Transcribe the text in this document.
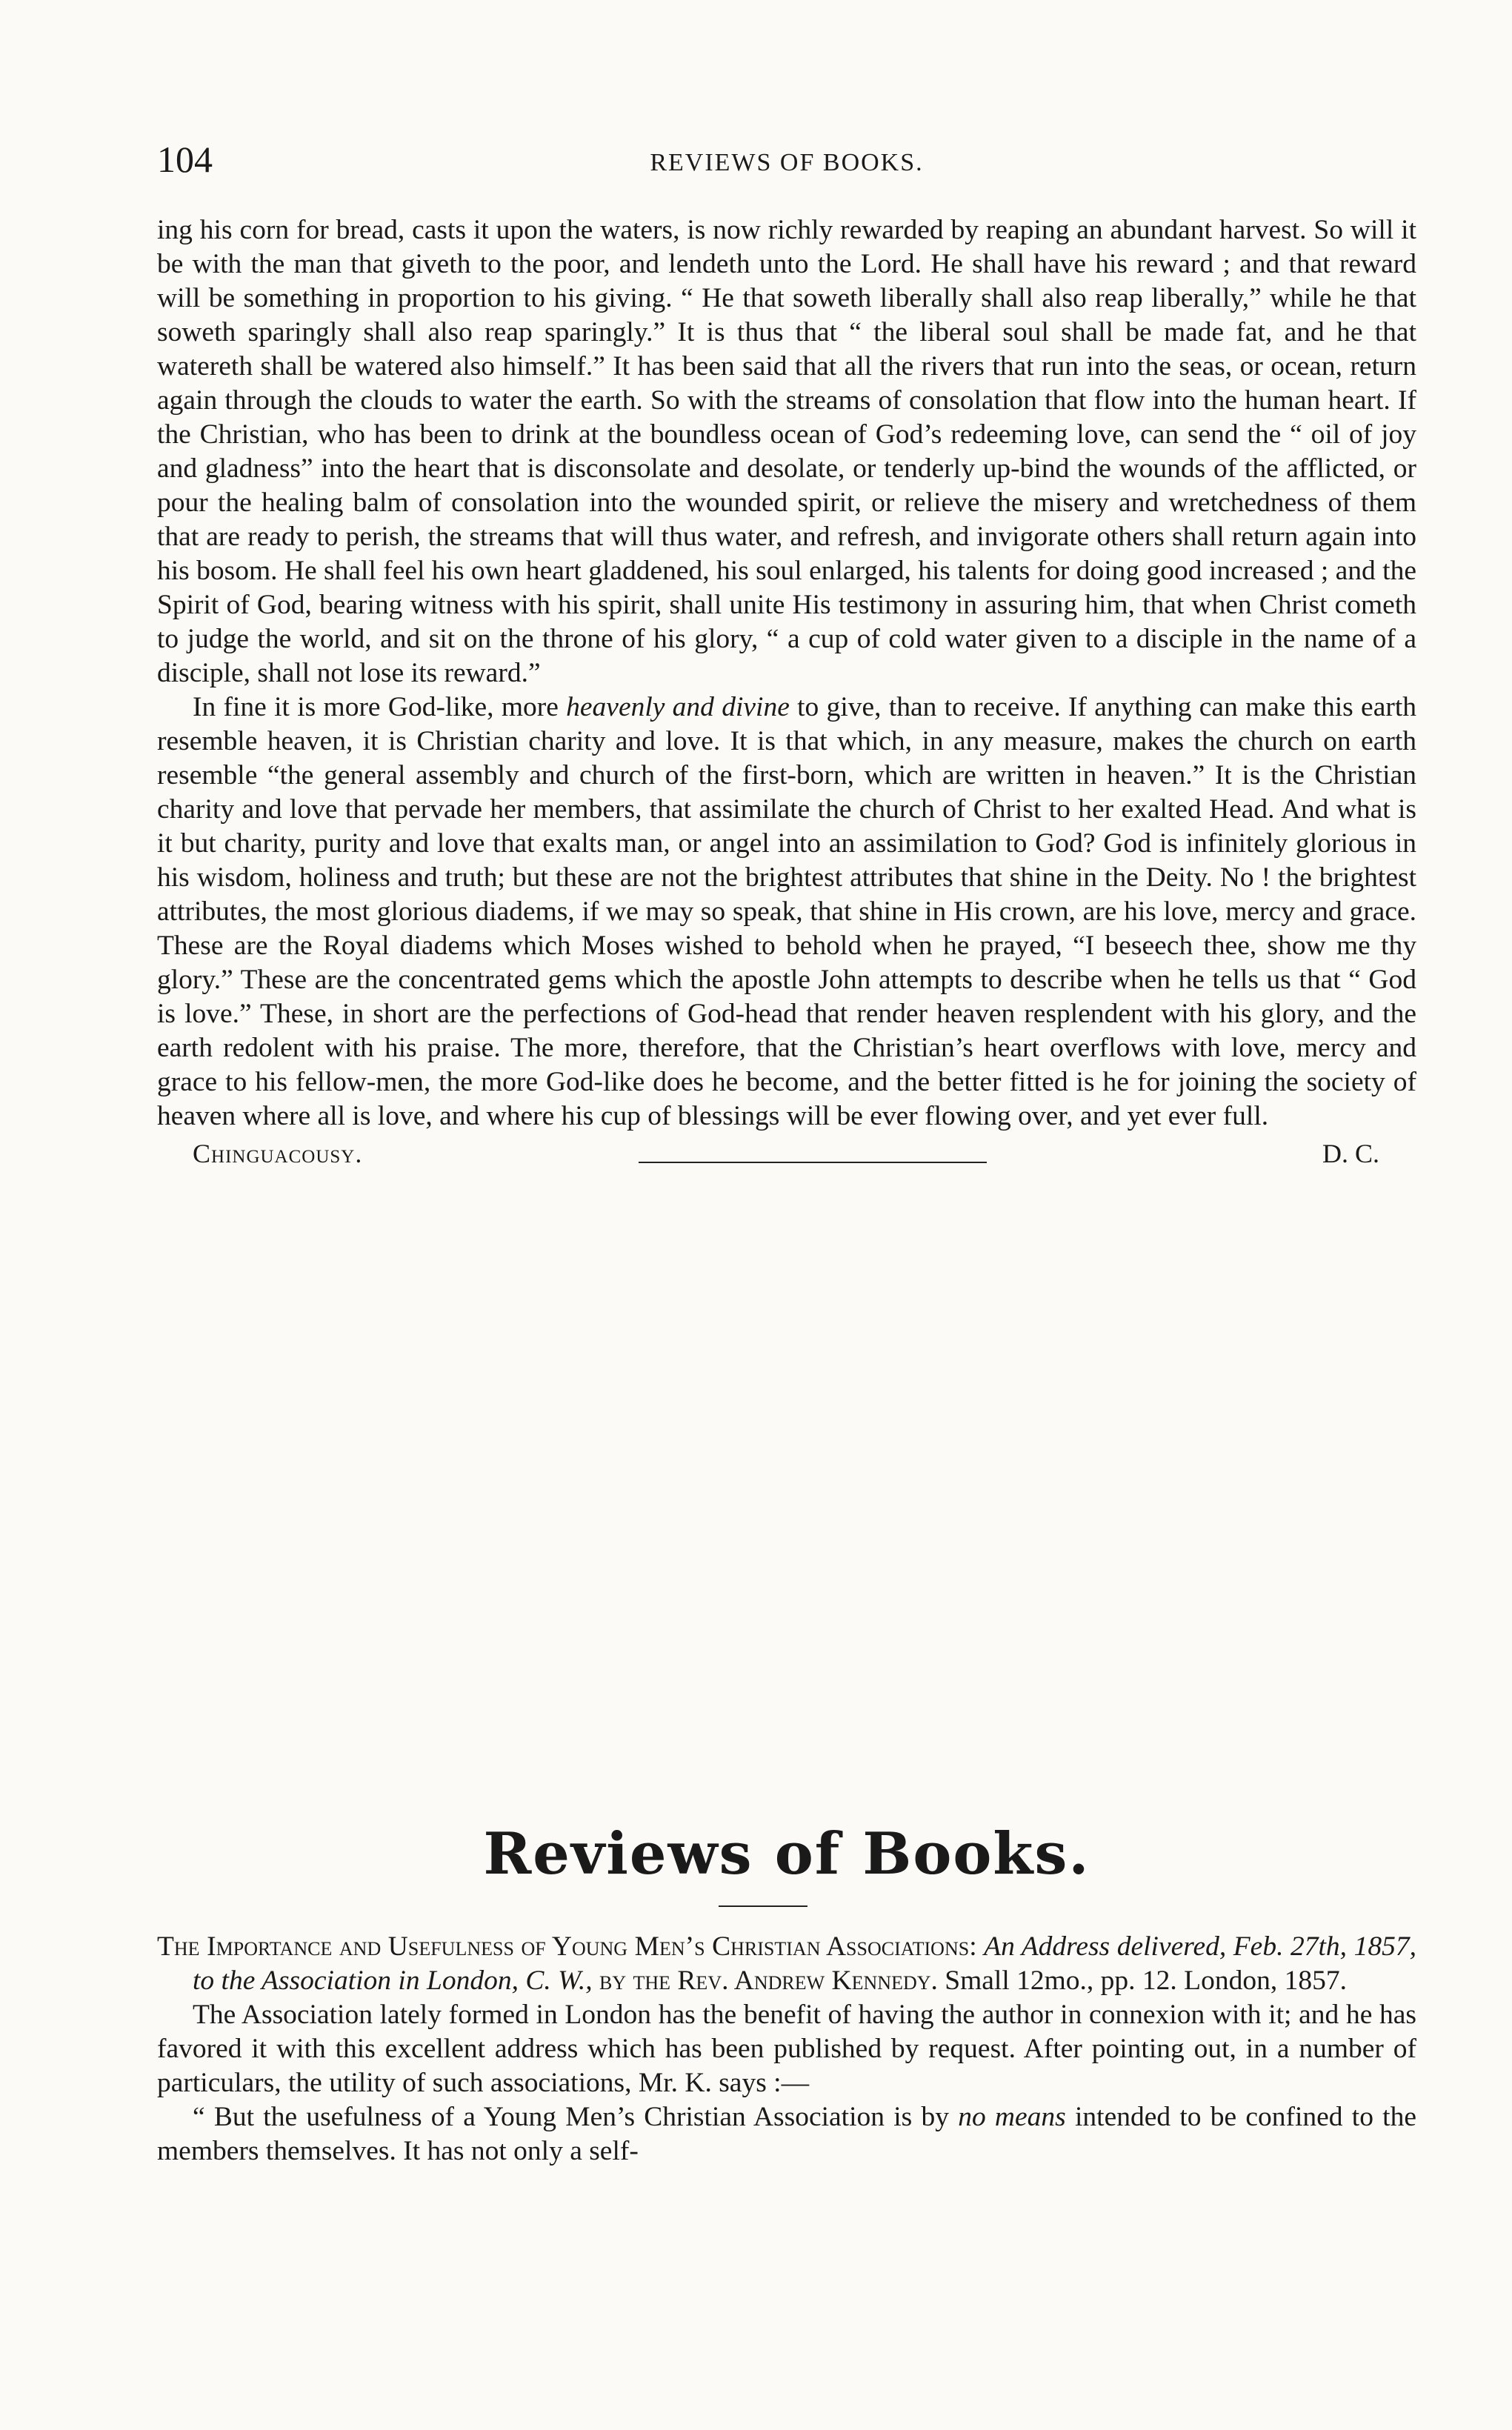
104	REVIEWS OF BOOKS.

ing his corn for bread, casts it upon the waters, is now richly rewarded by reaping an abundant harvest. So will it be with the man that giveth to the poor, and lendeth unto the Lord. He shall have his reward ; and that reward will be something in proportion to his giving. “ He that soweth liberally shall also reap liberally,” while he that soweth sparingly shall also reap sparingly.” It is thus that “ the liberal soul shall be made fat, and he that watereth shall be watered also himself.” It has been said that all the rivers that run into the seas, or ocean, return again through the clouds to water the earth. So with the streams of consolation that flow into the human heart. If the Christian, who has been to drink at the boundless ocean of God’s redeeming love, can send the “ oil of joy and gladness” into the heart that is disconsolate and desolate, or tenderly up-bind the wounds of the afflicted, or pour the healing balm of consolation into the wounded spirit, or relieve the misery and wretchedness of them that are ready to perish, the streams that will thus water, and refresh, and invigorate others shall return again into his bosom. He shall feel his own heart gladdened, his soul enlarged, his talents for doing good increased ; and the Spirit of God, bearing witness with his spirit, shall unite His testimony in assuring him, that when Christ cometh to judge the world, and sit on the throne of his glory, “ a cup of cold water given to a disciple in the name of a disciple, shall not lose its reward.”

In fine it is more God-like, more heavenly and divine to give, than to receive. If anything can make this earth resemble heaven, it is Christian charity and love. It is that which, in any measure, makes the church on earth resemble “the general assembly and church of the first-born, which are written in heaven.” It is the Christian charity and love that pervade her members, that assimilate the church of Christ to her exalted Head. And what is it but charity, purity and love that exalts man, or angel into an assimilation to God? God is infinitely glorious in his wisdom, holiness and truth; but these are not the brightest attributes that shine in the Deity. No ! the brightest attributes, the most glorious diadems, if we may so speak, that shine in His crown, are his love, mercy and grace. These are the Royal diadems which Moses wished to behold when he prayed, “I beseech thee, show me thy glory.” These are the concentrated gems which the apostle John attempts to describe when he tells us that “ God is love.” These, in short are the perfections of God-head that render heaven resplendent with his glory, and the earth redolent with his praise. The more, therefore, that the Christian’s heart overflows with love, mercy and grace to his fellow-men, the more God-like does he become, and the better fitted is he for joining the society of heaven where all is love, and where his cup of blessings will be ever flowing over, and yet ever full.

Chinguacousy.	D. C.
Reviews of Books.

The Importance and Usefulness of Young Men’s Christian Associations: An Address delivered, Feb. 27th, 1857, to the Association in London, C. W., by the Rev. Andrew Kennedy. Small 12mo., pp. 12. London, 1857.

The Association lately formed in London has the benefit of having the author in connexion with it; and he has favored it with this excellent address which has been published by request. After pointing out, in a number of particulars, the utility of such associations, Mr. K. says :—

“ But the usefulness of a Young Men’s Christian Association is by no means intended to be confined to the members themselves. It has not only a self-
